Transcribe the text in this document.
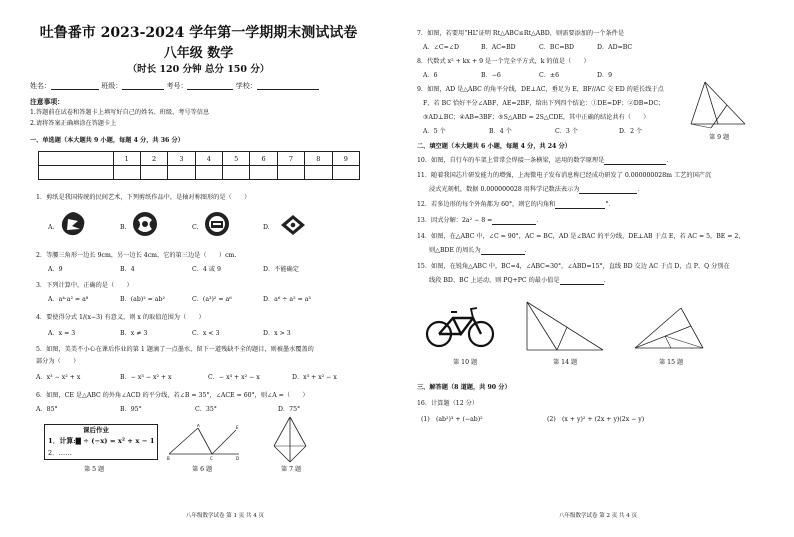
吐鲁番市 2023-2024 学年第一学期期末测试试卷
八年级 数学
（时长 120 分钟 总分 150 分）
姓名：	班级：	考号：	学校：
注意事项：
1.答题前在试卷和答题卡上填写好自己的姓名、班级、考号等信息
2.请将答案正确填涂在答题卡上
一、单选题（本大题共 9 小题，每题 4 分，共 36 分）
题号	1	2	3	4	5	6	7	8	9

1．剪纸是我国传统的民间艺术，下列剪纸作品中，是轴对称图形的是（　　）
A.	B.	C.	D.
2．等腰三角形一边长 9cm，另一边长 4cm，它的第三边是（　　）cm.
A．9	B．4	C．4 或 9	D．不能确定
3．下列计算中，正确的是（　　）
A．a⁴·a² = a⁸	B．(ab)² = ab²	C．(a³)² = a⁶	D．a⁶ ÷ a² = a³
4．要使得分式 1/(x−3) 有意义，则 x 的取值范围为（　　）
A．x = 3	B．x ≠ 3	C．x < 3	D．x > 3
5．如图，美美不小心在课后作业的第 1 题滴了一点墨水，留下一道残缺不全的题目，则被墨水覆盖的
部分为（　　）
A．x³ − x² + x	B．− x³ − x² + x	C．− x³ + x² − x	D．x³ + x² − x
6．如图，CE 是△ABC 的外角∠ACD 的平分线，若∠B = 35°，∠ACE = 60°，则∠A =（　　）
A．85°	B．95°	C．35°	D．75°
课后作业
1．计算:▇ ÷ (−x) = x² + x − 1
2．……
A	E
B	C	D
第 5 题	第 6 题	第 7 题
八年级数学试卷 第 1 页 共 4 页
7．如图，若要用“HL”证明 Rt△ABC≌Rt△ABD，则需要添加的一个条件是
A．∠C=∠D	B．AC=BD	C．BC=BD	D．AD=BC
8．代数式 x² + kx + 9 是一个完全平方式，k 的值是（　　）
A．6	B．−6	C．±6	D．9
9．如图，AD 是△ABC 的角平分线，DE⊥AC，垂足为 E，BF//AC 交 ED 的延长线于点
F，若 BC 恰好平分∠ABF，AE=2BF，给出下列四个结论：①DE=DF；②DB=DC；
③AD⊥BC；④AB=3BF；⑤S△ABD = 2S△CDE，其中正确的结论共有（　　）
A．5 个	B．4 个	C．3 个	D．2 个
第 9 题
二、填空题（本大题共 6 小题，每题 4 分，共 24 分）
10．如图，自行车的车架上常常会焊接一条横梁，运用的数学原理是	．
11．随着我国芯片研发能力的增强，上海微电子发布消息称已经成功研发了 0.000000028m 工艺的国产沉
浸式光刻机，数据 0.000000028 用科学记数法表示为	．
12．若多边形的每个外角都为 60°，则它的内角和	°．
13．因式分解：2a² − 8 =	．
14．如图，在△ABC 中，∠C = 90°，AC = BC，AD 是∠BAC 的平分线，DE⊥AB 于点 E，若 AC = 5，BE = 2，
则△BDE 的周长为	．
15．如图，在锐角△ABC 中，BC=4，∠ABC=30°，∠ABD=15°，直线 BD 交边 AC 于点 D，点 P、Q 分别在
线段 BD、BC 上运动，则 PQ+PC 的最小值是	．
第 10 题	第 14 题	第 15 题
三、解答题（8 道题，共 90 分）
16．计算题（12 分）
(1)　(ab²)³ + (−ab)²	(2)　(x + y)² + (2x + y)(2x − y)
八年级数学试卷 第 2 页 共 4 页
